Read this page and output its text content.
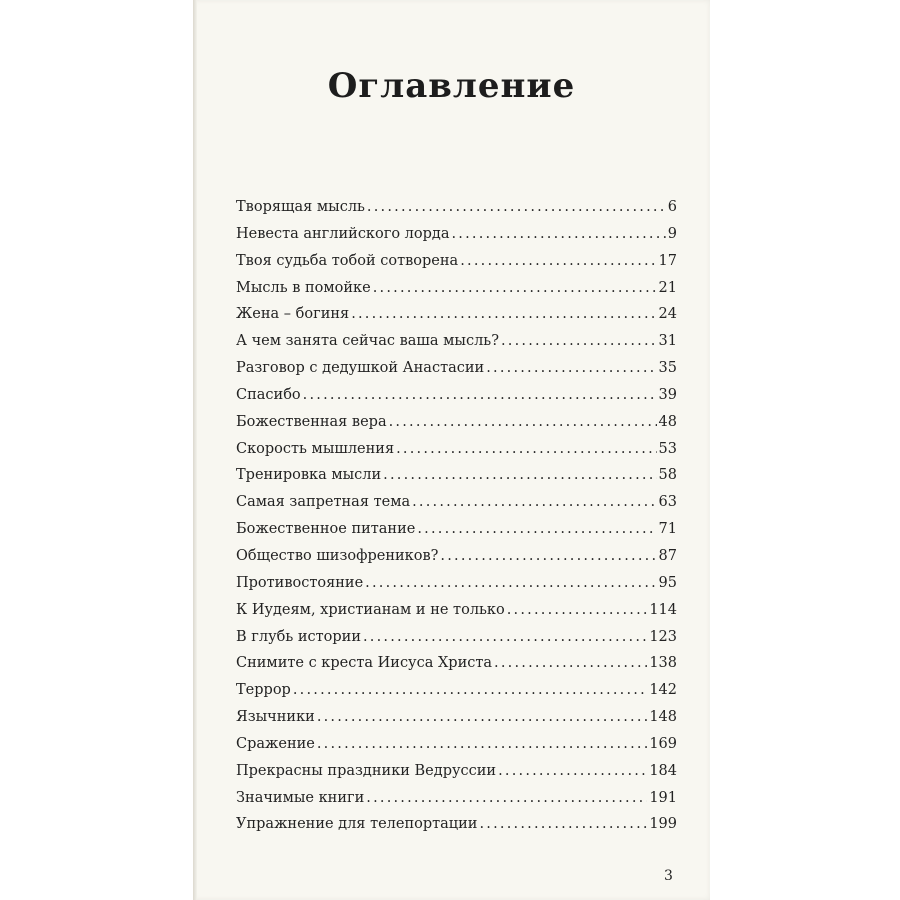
Оглавление
Творящая мысль .....	6
Невеста английского лорда .....	9
Твоя судьба тобой сотворена .....	17
Мысль в помойке .....	21
Жена – богиня .....	24
А чем занята сейчас ваша мысль? .....	31
Разговор с дедушкой Анастасии .....	35
Спасибо .....	39
Божественная вера .....	48
Скорость мышления .....	53
Тренировка мысли .....	58
Самая запретная тема .....	63
Божественное питание .....	71
Общество шизофреников? .....	87
Противостояние .....	95
К Иудеям, христианам и не только .....	114
В глубь истории .....	123
Снимите с креста Иисуса Христа .....	138
Террор .....	142
Язычники .....	148
Сражение .....	169
Прекрасны праздники Ведруссии .....	184
Значимые книги .....	191
Упражнение для телепортации .....	199
3
